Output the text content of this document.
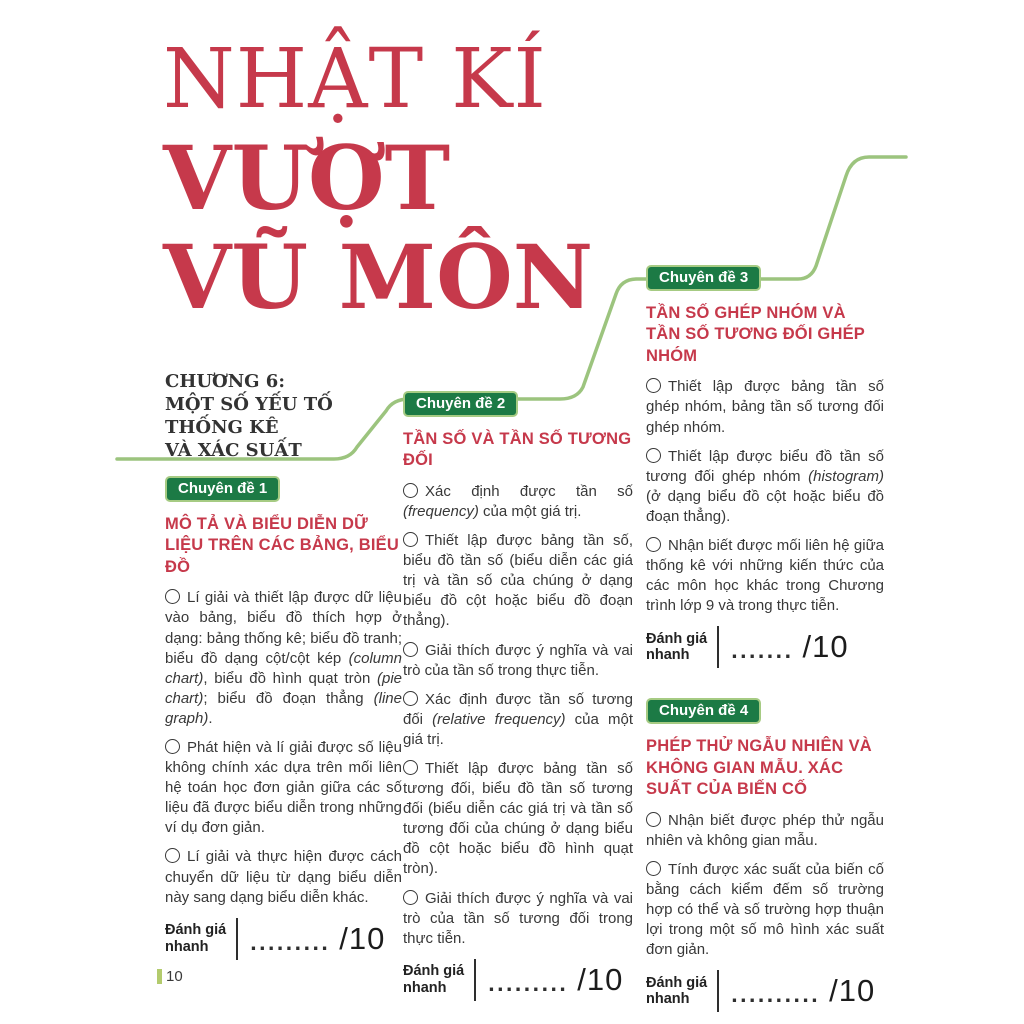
NHẬT KÍ
VƯỢT
VŨ MÔN
CHƯƠNG 6:
MỘT SỐ YẾU TỐ THỐNG KÊ
VÀ XÁC SUẤT
Chuyên đề 1
MÔ TẢ VÀ BIỂU DIỄN DỮ LIỆU TRÊN CÁC BẢNG, BIỂU ĐỒ

Lí giải và thiết lập được dữ liệu vào bảng, biểu đồ thích hợp ở dạng: bảng thống kê; biểu đồ tranh; biểu đồ dạng cột/cột kép (column chart), biểu đồ hình quạt tròn (pie chart); biểu đồ đoạn thẳng (line graph).

Phát hiện và lí giải được số liệu không chính xác dựa trên mối liên hệ toán học đơn giản giữa các số liệu đã được biểu diễn trong những ví dụ đơn giản.

Lí giải và thực hiện được cách chuyển dữ liệu từ dạng biểu diễn này sang dạng biểu diễn khác.

Đánh giá
nhanh	......... /10
Chuyên đề 2
TẦN SỐ VÀ TẦN SỐ TƯƠNG ĐỐI

Xác định được tần số (frequency) của một giá trị.

Thiết lập được bảng tần số, biểu đồ tần số (biểu diễn các giá trị và tần số của chúng ở dạng biểu đồ cột hoặc biểu đồ đoạn thẳng).

Giải thích được ý nghĩa và vai trò của tần số trong thực tiễn.

Xác định được tần số tương đối (relative frequency) của một giá trị.

Thiết lập được bảng tần số tương đối, biểu đồ tần số tương đối (biểu diễn các giá trị và tần số tương đối của chúng ở dạng biểu đồ cột hoặc biểu đồ hình quạt tròn).

Giải thích được ý nghĩa và vai trò của tần số tương đối trong thực tiễn.

Đánh giá
nhanh	......... /10
Chuyên đề 3
TẦN SỐ GHÉP NHÓM VÀ TẦN SỐ TƯƠNG ĐỐI GHÉP NHÓM

Thiết lập được bảng tần số ghép nhóm, bảng tần số tương đối ghép nhóm.

Thiết lập được biểu đồ tần số tương đối ghép nhóm (histogram) (ở dạng biểu đồ cột hoặc biểu đồ đoạn thẳng).

Nhận biết được mối liên hệ giữa thống kê với những kiến thức của các môn học khác trong Chương trình lớp 9 và trong thực tiễn.

Đánh giá
nhanh	....... /10
Chuyên đề 4
PHÉP THỬ NGẪU NHIÊN VÀ KHÔNG GIAN MẪU. XÁC SUẤT CỦA BIẾN CỐ

Nhận biết được phép thử ngẫu nhiên và không gian mẫu.

Tính được xác suất của biến cố bằng cách kiểm đếm số trường hợp có thể và số trường hợp thuận lợi trong một số mô hình xác suất đơn giản.

Đánh giá
nhanh	.......... /10
10
